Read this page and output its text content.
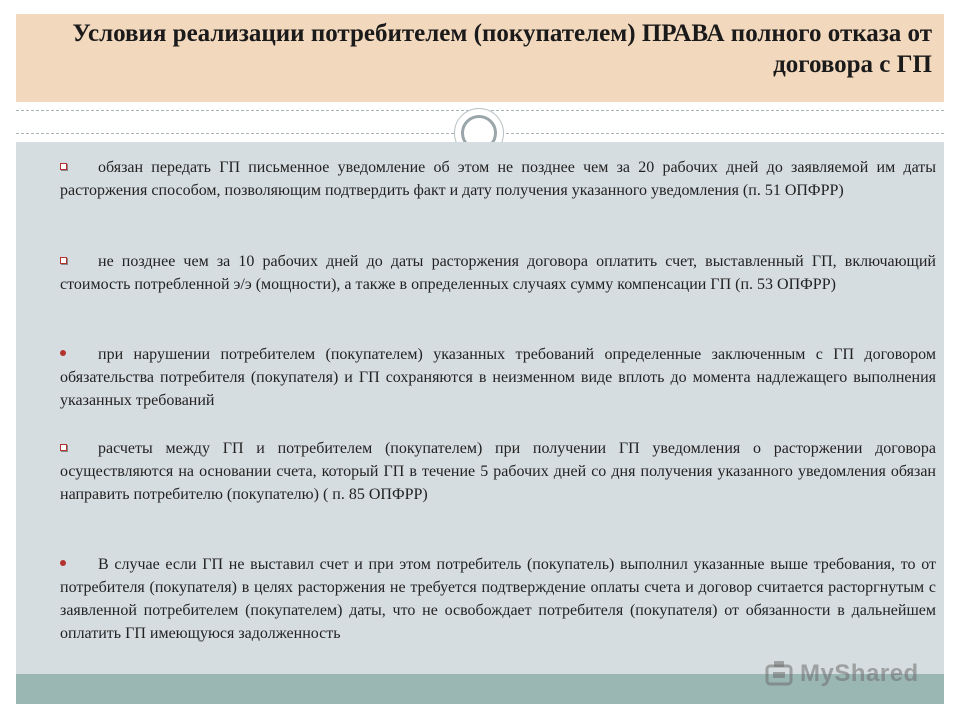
Условия реализации потребителем (покупателем) ПРАВА полного отказа от договора с ГП

обязан передать ГП письменное уведомление об этом не позднее чем за 20 рабочих дней до заявляемой им даты расторжения способом, позволяющим подтвердить факт и дату получения указанного уведомления (п. 51 ОПФРР)

не позднее чем за 10 рабочих дней до даты расторжения договора оплатить счет, выставленный ГП, включающий стоимость потребленной э/э (мощности), а также в определенных случаях сумму компенсации ГП (п. 53 ОПФРР)

при нарушении потребителем (покупателем) указанных требований определенные заключенным с ГП договором обязательства потребителя (покупателя) и ГП сохраняются в неизменном виде вплоть до момента надлежащего выполнения указанных требований

расчеты между ГП и потребителем (покупателем) при получении ГП уведомления о расторжении договора осуществляются на основании счета, который ГП в течение 5 рабочих дней со дня получения указанного уведомления обязан направить потребителю (покупателю) ( п. 85 ОПФРР)

В случае если ГП не выставил счет и при этом потребитель (покупатель) выполнил указанные выше требования, то от потребителя (покупателя) в целях расторжения не требуется подтверждение оплаты счета и договор считается расторгнутым с заявленной потребителем (покупателем) даты, что не освобождает потребителя (покупателя) от обязанности в дальнейшем оплатить ГП имеющуюся задолженность

MyShared
